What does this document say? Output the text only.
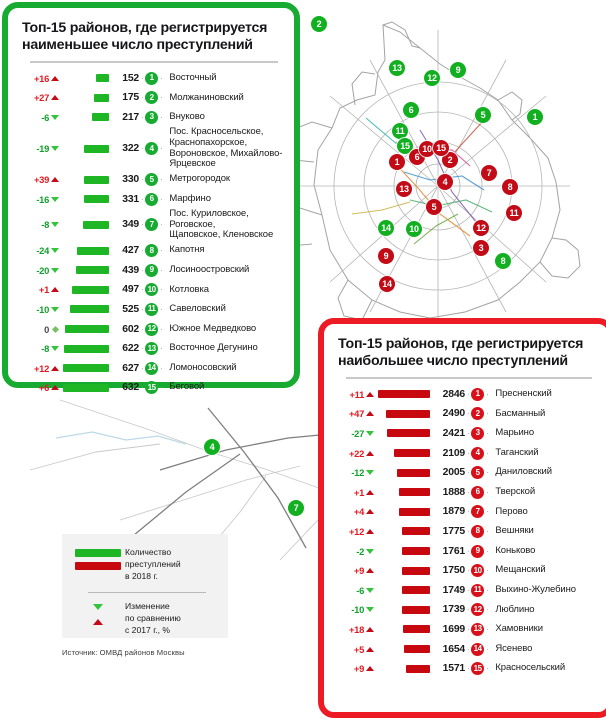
1
2
4
5
6
7
8
9
10
11
12
13
14
15
1	2
3
4
5
6
7
8
9
10
11
12
13
14
15
Топ-15 районов, где регистрируется наименьшее число преступлений
+16	152 · 1 · Восточный
+27	175 · 2 · Молжаниновский
-6	217 · 3 · Внуково
-19	322 · 4 ·
Пос. Красносельское, Краснопахорское,
Вороновское, Михайлово-Ярцевское
+39	330 · 5 · Метрогородок
-16	331 · 6 · Марфино
-8	349 · 7 ·
Пос. Куриловское, Роговское,
Щаповское, Кленовское
-24	427 · 8 · Капотня
-20	439 · 9 · Лосиноостровский
+1	497 · 10 · Котловка
-10	525 · 11 · Савеловский
0	602 · 12 · Южное Медведково
-8	622 · 13 · Восточное Дегунино
+12	627 · 14 · Ломоносовский
+6	632 · 15 · Беговой
Топ-15 районов, где регистрируется наибольшее число преступлений
+11	2846 · 1 · Пресненский
+47	2490 · 2 · Басманный
-27	2421 · 3 · Марьино
+22	2109 · 4 · Таганский
-12	2005 · 5 · Даниловский
+1	1888 · 6 · Тверской
+4	1879 · 7 · Перово
+12	1775 · 8 · Вешняки
-2	1761 · 9 · Коньково
+9	1750 · 10 · Мещанский
-6	1749 · 11 · Выхино-Жулебино
-10	1739 · 12 · Люблино
+18	1699 · 13 · Хамовники
+5	1654 · 14 · Ясенево
+9	1571 · 15 · Красносельский
Количество
преступлений
в 2018 г.
Изменение
по сравнению
с 2017 г., %
Источник: ОМВД районов Москвы
